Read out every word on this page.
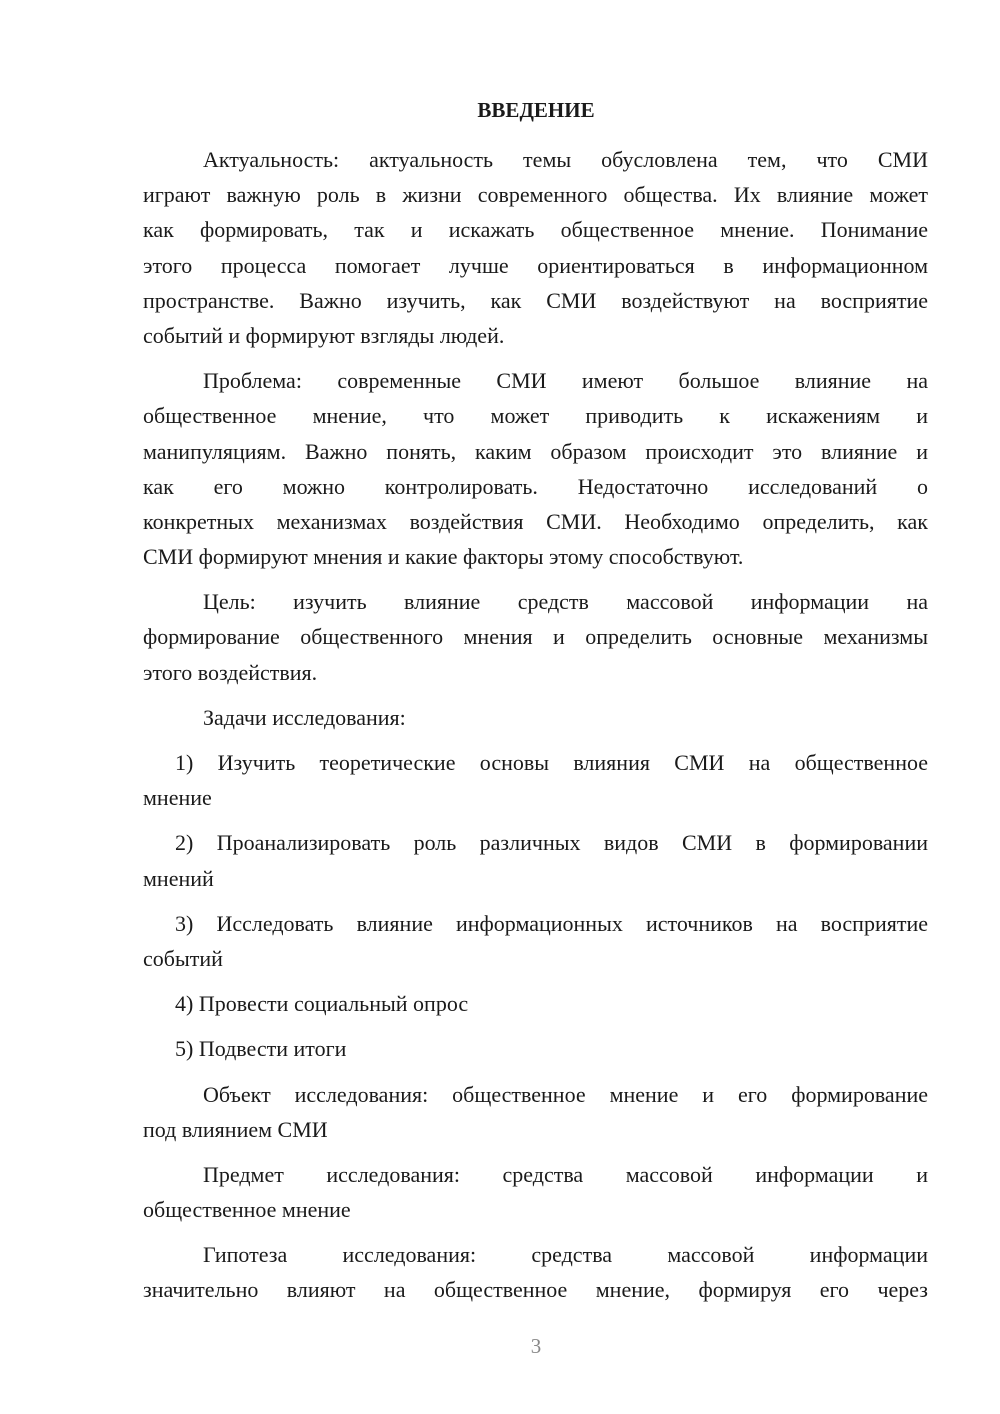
ВВЕДЕНИЕ
Актуальность: актуальность темы обусловлена тем, что СМИ
играют важную роль в жизни современного общества. Их влияние может
как формировать, так и искажать общественное мнение. Понимание
этого процесса помогает лучше ориентироваться в информационном
пространстве. Важно изучить, как СМИ воздействуют на восприятие
событий и формируют взгляды людей.
Проблема: современные СМИ имеют большое влияние на
общественное мнение, что может приводить к искажениям и
манипуляциям. Важно понять, каким образом происходит это влияние и
как его можно контролировать. Недостаточно исследований о
конкретных механизмах воздействия СМИ. Необходимо определить, как
СМИ формируют мнения и какие факторы этому способствуют.
Цель: изучить влияние средств массовой информации на
формирование общественного мнения и определить основные механизмы
этого воздействия.
Задачи исследования:
1) Изучить теоретические основы влияния СМИ на общественное
мнение
2) Проанализировать роль различных видов СМИ в формировании
мнений
3) Исследовать влияние информационных источников на восприятие
событий
4) Провести социальный опрос
5) Подвести итоги
Объект исследования: общественное мнение и его формирование
под влиянием СМИ
Предмет исследования: средства массовой информации и
общественное мнение
Гипотеза исследования: средства массовой информации
значительно влияют на общественное мнение, формируя его через
3
